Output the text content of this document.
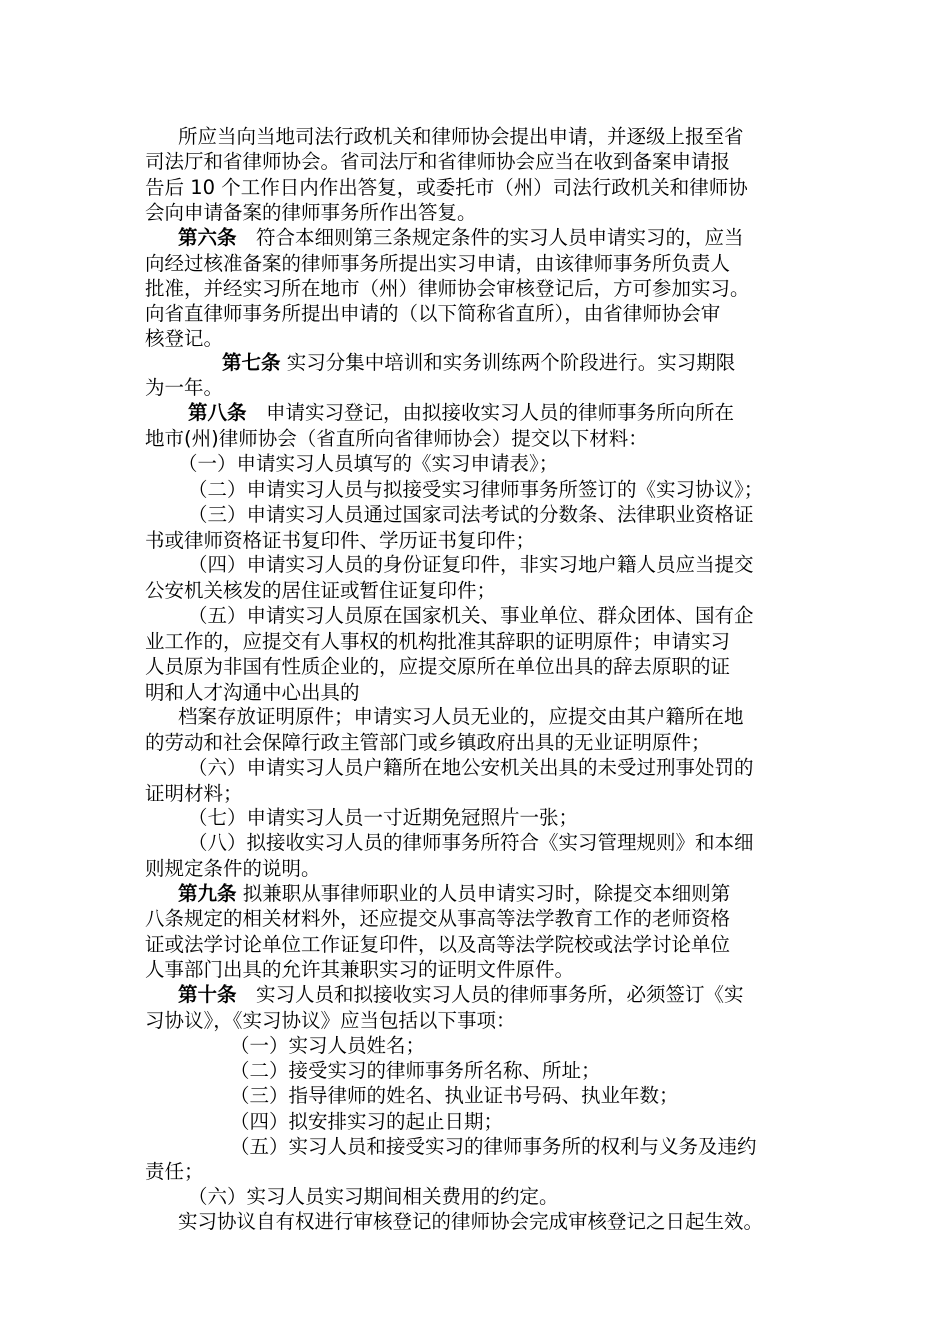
所应当向当地司法行政机关和律师协会提出申请，并逐级上报至省
司法厅和省律师协会。省司法厅和省律师协会应当在收到备案申请报
告后 10 个工作日内作出答复，或委托市（州）司法行政机关和律师协
会向申请备案的律师事务所作出答复。
第六条　符合本细则第三条规定条件的实习人员申请实习的，应当
向经过核准备案的律师事务所提出实习申请，由该律师事务所负责人
批准，并经实习所在地市（州）律师协会审核登记后，方可参加实习。
向省直律师事务所提出申请的（以下简称省直所），由省律师协会审
核登记。
第七条 实习分集中培训和实务训练两个阶段进行。实习期限
为一年。
第八条　申请实习登记，由拟接收实习人员的律师事务所向所在
地市(州)律师协会（省直所向省律师协会）提交以下材料：
（一）申请实习人员填写的《实习申请表》；
（二）申请实习人员与拟接受实习律师事务所签订的《实习协议》；
（三）申请实习人员通过国家司法考试的分数条、法律职业资格证
书或律师资格证书复印件、学历证书复印件；
（四）申请实习人员的身份证复印件，非实习地户籍人员应当提交
公安机关核发的居住证或暂住证复印件；
（五）申请实习人员原在国家机关、事业单位、群众团体、国有企
业工作的，应提交有人事权的机构批准其辞职的证明原件；申请实习
人员原为非国有性质企业的，应提交原所在单位出具的辞去原职的证
明和人才沟通中心出具的
档案存放证明原件；申请实习人员无业的，应提交由其户籍所在地
的劳动和社会保障行政主管部门或乡镇政府出具的无业证明原件；
（六）申请实习人员户籍所在地公安机关出具的未受过刑事处罚的
证明材料；
（七）申请实习人员一寸近期免冠照片一张；
（八）拟接收实习人员的律师事务所符合《实习管理规则》和本细
则规定条件的说明。
第九条 拟兼职从事律师职业的人员申请实习时，除提交本细则第
八条规定的相关材料外，还应提交从事高等法学教育工作的老师资格
证或法学讨论单位工作证复印件，以及高等法学院校或法学讨论单位
人事部门出具的允许其兼职实习的证明文件原件。
第十条　实习人员和拟接收实习人员的律师事务所，必须签订《实
习协议》，《实习协议》应当包括以下事项：
（一）实习人员姓名；
（二）接受实习的律师事务所名称、所址；
（三）指导律师的姓名、执业证书号码、执业年数；
（四）拟安排实习的起止日期；
（五）实习人员和接受实习的律师事务所的权利与义务及违约
责任；
（六）实习人员实习期间相关费用的约定。
实习协议自有权进行审核登记的律师协会完成审核登记之日起生效。
